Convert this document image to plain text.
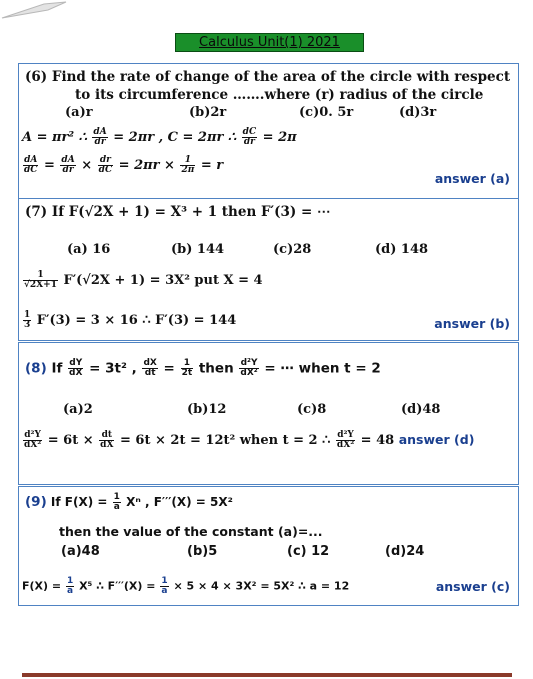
Calculus Unit(1) 2021
(6) Find the rate of change of the area of the circle with respect
to its circumference …….where (r) radius of the circle
(a)r	(b)2r	(c)0. 5r	(d)3r
A = πr² ∴ $\frac{dA}{dr} = 2\pi r$ , C = 2πr ∴ $\frac{dC}{dr} = 2\pi$
$\frac{dA}{dC} = \frac{dA}{dr} \times \frac{dr}{dC} = 2\pi r \times \frac{1}{2\pi} = r$
answer (a)
(7) If F(√2X + 1) = X³ + 1 then F′(3) = ⋯
(a) 16	(b) 144	(c)28	(d) 148
$\frac{1}{√2X+1} F'(√2X + 1) = 3X^2$ put X = 4
$\frac{1}{3} F'(3) = 3 \times 16$ ∴ F′(3) = 144	answer (b)
(8) If $\frac{dY}{dX} = 3t^2$ , $\frac{dX}{dt} = \frac{1}{2t}$ then $\frac{\text{d²Y}}{\text{dX²}}$ = ⋯ when t = 2
(a)2	(b)12	(c)8	(d)48
$\frac{\text{d²Y}}{\text{dX²}} = 6t \times \frac{dt}{dX} = 6t \times 2t = 12t^2$ when t = 2 ∴ $\frac{\text{d²Y}}{\text{dX²}} = 48$ answer (d)
(9) If $F(X) = \frac{1}{a}$ Xⁿ , F′′′(X) = 5X²
then the value of the constant (a)=...
(a)48	(b)5	(c) 12	(d)24
$F(X) = \frac{1}{a} X^5$ ∴ $F'''(X) = \frac{1}{a} \times 5 \times 4 \times 3X^2 = 5X^2$ ∴ a = 12	answer (c)
